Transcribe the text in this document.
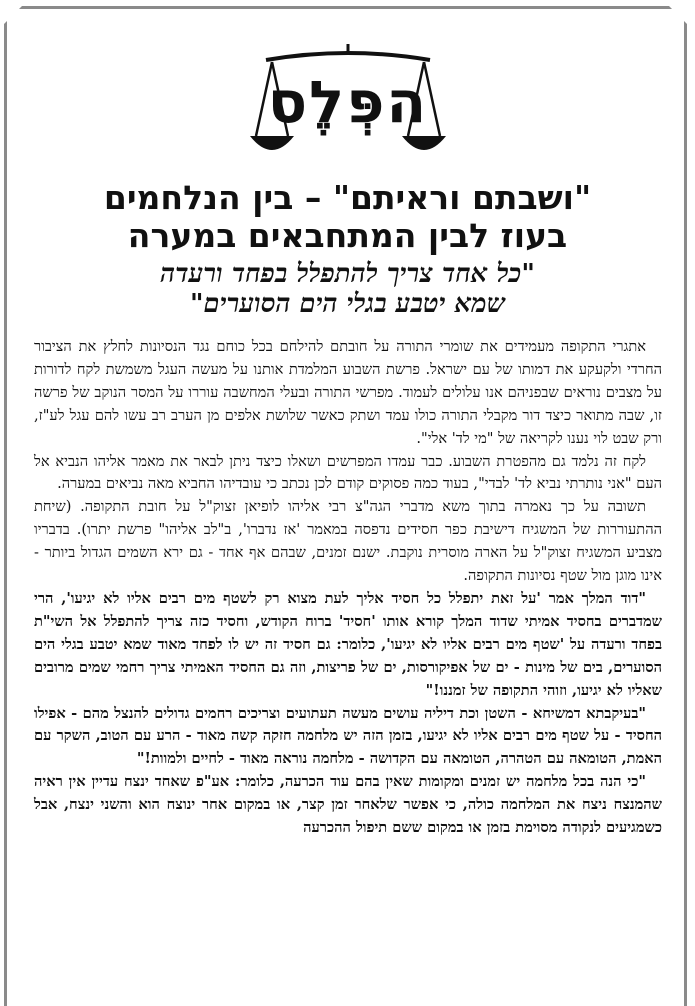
הפְּלֶס
"ושבתם וראיתם" – בין הנלחמים
בעוז לבין המתחבאים במערה
"כל אחד צריך להתפלל בפחד ורעדה
שמא יטבע בגלי הים הסוערים"

אתגרי התקופה מעמידים את שומרי התורה על חובתם להילחם בכל כוחם נגד הנסיונות לחלץ את הציבור החרדי ולקעקע את דמותו של עם ישראל. פרשת השבוע המלמדת אותנו על מעשה העגל משמשת לקח לדורות על מצבים נוראים שבפניהם אנו עלולים לעמוד. מפרשי התורה ובעלי המחשבה עוררו על המסר הנוקב של פרשה זו, שבה מתואר כיצד דור מקבלי התורה כולו עמד ושתק כאשר שלושת אלפים מן הערב רב עשו להם עגל לע"ז, ורק שבט לוי נענו לקריאה של "מי לד' אלי".

לקח זה נלמד גם מהפטרת השבוע. כבר עמדו המפרשים ושאלו כיצד ניתן לבאר את מאמר אליהו הנביא אל העם "אני נותרתי נביא לד' לבדי", בעוד כמה פסוקים קודם לכן נכתב כי עובדיהו החביא מאה נביאים במערה.

תשובה על כך נאמרה בתוך משא מדברי הגה"צ רבי אליהו לופיאן זצוק"ל על חובת התקופה. (שיחת ההתעוררות של המשגיח דישיבת כפר חסידים נדפסה במאמר 'אז נדברו', ב"לב אליהו" פרשת יתרו). בדבריו מצביע המשגיח זצוק"ל על הארה מוסרית נוקבת. ישנם זמנים, שבהם אף אחד - גם ירא השמים הגדול ביותר - אינו מוגן מול שטף נסיונות התקופה.

"דוד המלך אמר 'על זאת יתפלל כל חסיד אליך לעת מצוא רק לשטף מים רבים אליו לא יגיעו', הרי שמדברים בחסיד אמיתי שדוד המלך קורא אותו 'חסיד' ברוח הקודש, וחסיד כזה צריך להתפלל אל השי"ת בפחד ורעדה על 'שטף מים רבים אליו לא יגיעו', כלומר: גם חסיד זה יש לו לפחד מאוד שמא יטבע בגלי הים הסוערים, בים של מינות - ים של אפיקורסות, ים של פריצות, וזה גם החסיד האמיתי צריך רחמי שמים מרובים שאליו לא יגיעו, וזוהי התקופה של זמננו!"

"בעיקבתא דמשיחא - השטן וכת דיליה עושים מעשה תעתועים וצריכים רחמים גדולים להנצל מהם - אפילו החסיד - על שטף מים רבים אליו לא יגיעו, בזמן הזה יש מלחמה חזקה קשה מאוד - הרע עם הטוב, השקר עם האמת, הטומאה עם הטהרה, הטומאה עם הקדושה - מלחמה נוראה מאוד - לחיים ולמוות!"

"כי הנה בכל מלחמה יש זמנים ומקומות שאין בהם עוד הכרעה, כלומר: אע"פ שאחד ינצח עדיין אין ראיה שהמנצח ניצח את המלחמה כולה, כי אפשר שלאחר זמן קצר, או במקום אחר ינוצח הוא והשני ינצח, אבל כשמגיעים לנקודה מסוימת בזמן או במקום ששם תיפול ההכרעה
